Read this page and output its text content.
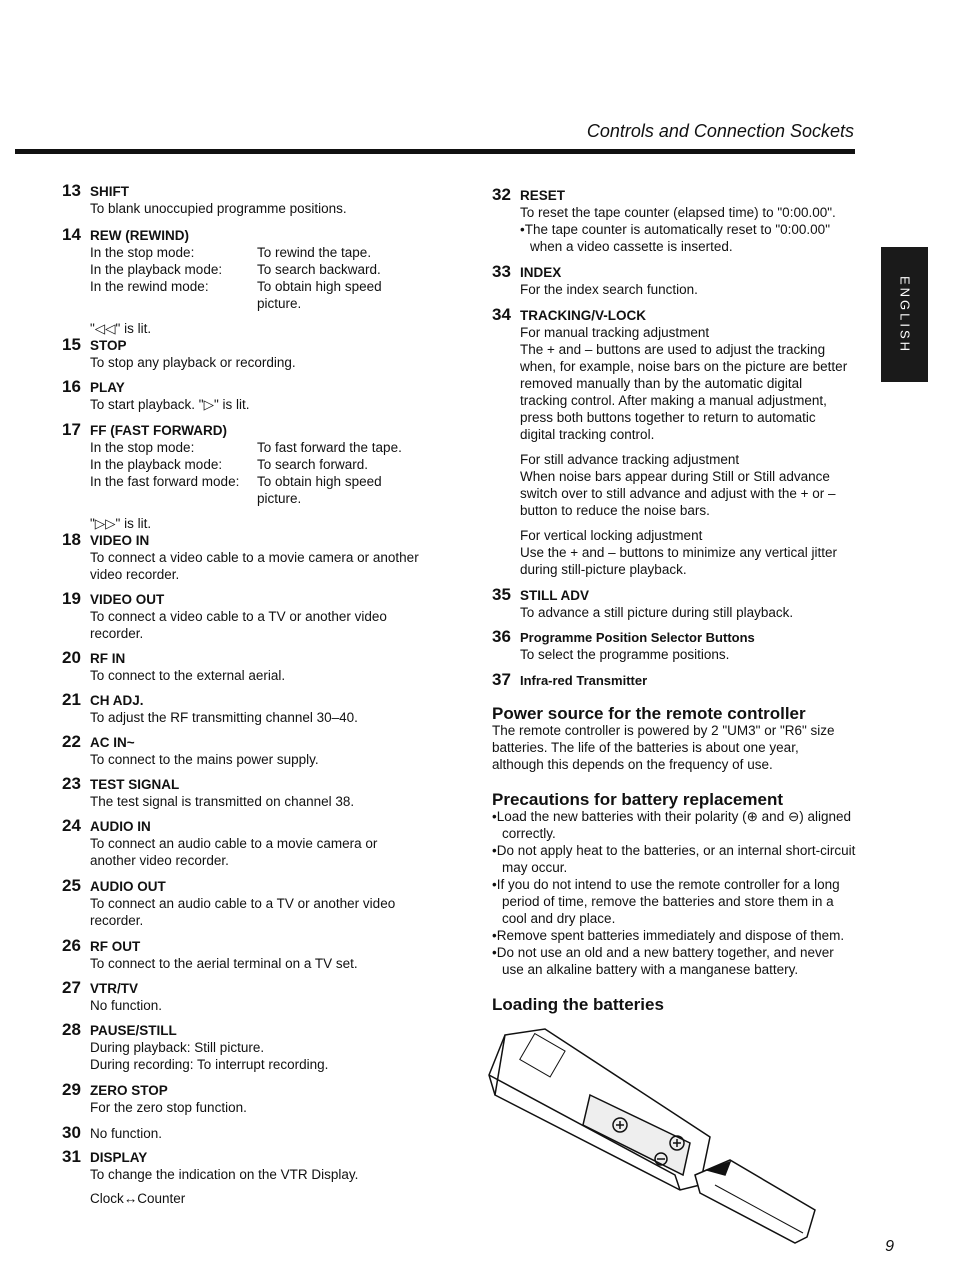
Controls and Connection Sockets
ENGLISH
13 SHIFT
To blank unoccupied programme positions.
14 REW (REWIND)
In the stop mode:	To rewind the tape.
In the playback mode:	To search backward.
In the rewind mode:	To obtain high speed picture.
"◁◁" is lit.
15 STOP
To stop any playback or recording.
16 PLAY
To start playback. "▷" is lit.
17 FF (FAST FORWARD)
In the stop mode:	To fast forward the tape.
In the playback mode:	To search forward.
In the fast forward mode:	To obtain high speed picture.
"▷▷" is lit.
18 VIDEO IN
To connect a video cable to a movie camera or another video recorder.
19 VIDEO OUT
To connect a video cable to a TV or another video recorder.
20 RF IN
To connect to the external aerial.
21 CH ADJ.
To adjust the RF transmitting channel 30–40.
22 AC IN~
To connect to the mains power supply.
23 TEST SIGNAL
The test signal is transmitted on channel 38.
24 AUDIO IN
To connect an audio cable to a movie camera or another video recorder.
25 AUDIO OUT
To connect an audio cable to a TV or another video recorder.
26 RF OUT
To connect to the aerial terminal on a TV set.
27 VTR/TV
No function.
28 PAUSE/STILL
During playback: Still picture.
During recording: To interrupt recording.
29 ZERO STOP
For the zero stop function.
30 No function.
31 DISPLAY
To change the indication on the VTR Display.
Clock↔Counter
32 RESET
To reset the tape counter (elapsed time) to "0:00.00".
• The tape counter is automatically reset to "0:00.00" when a video cassette is inserted.
33 INDEX
For the index search function.
34 TRACKING/V-LOCK
For manual tracking adjustment
The + and – buttons are used to adjust the tracking when, for example, noise bars on the picture are better removed manually than by the automatic digital tracking control. After making a manual adjustment, press both buttons together to return to automatic digital tracking control.
For still advance tracking adjustment
When noise bars appear during Still or Still advance switch over to still advance and adjust with the + or – button to reduce the noise bars.
For vertical locking adjustment
Use the + and – buttons to minimize any vertical jitter during still-picture playback.
35 STILL ADV
To advance a still picture during still playback.
36 Programme Position Selector Buttons
To select the programme positions.
37 Infra-red Transmitter
Power source for the remote controller
The remote controller is powered by 2 "UM3" or "R6" size batteries. The life of the batteries is about one year, although this depends on the frequency of use.
Precautions for battery replacement
• Load the new batteries with their polarity (⊕ and ⊖) aligned correctly.
• Do not apply heat to the batteries, or an internal short-circuit may occur.
• If you do not intend to use the remote controller for a long period of time, remove the batteries and store them in a cool and dry place.
• Remove spent batteries immediately and dispose of them.
• Do not use an old and a new battery together, and never use an alkaline battery with a manganese battery.
Loading the batteries
9
